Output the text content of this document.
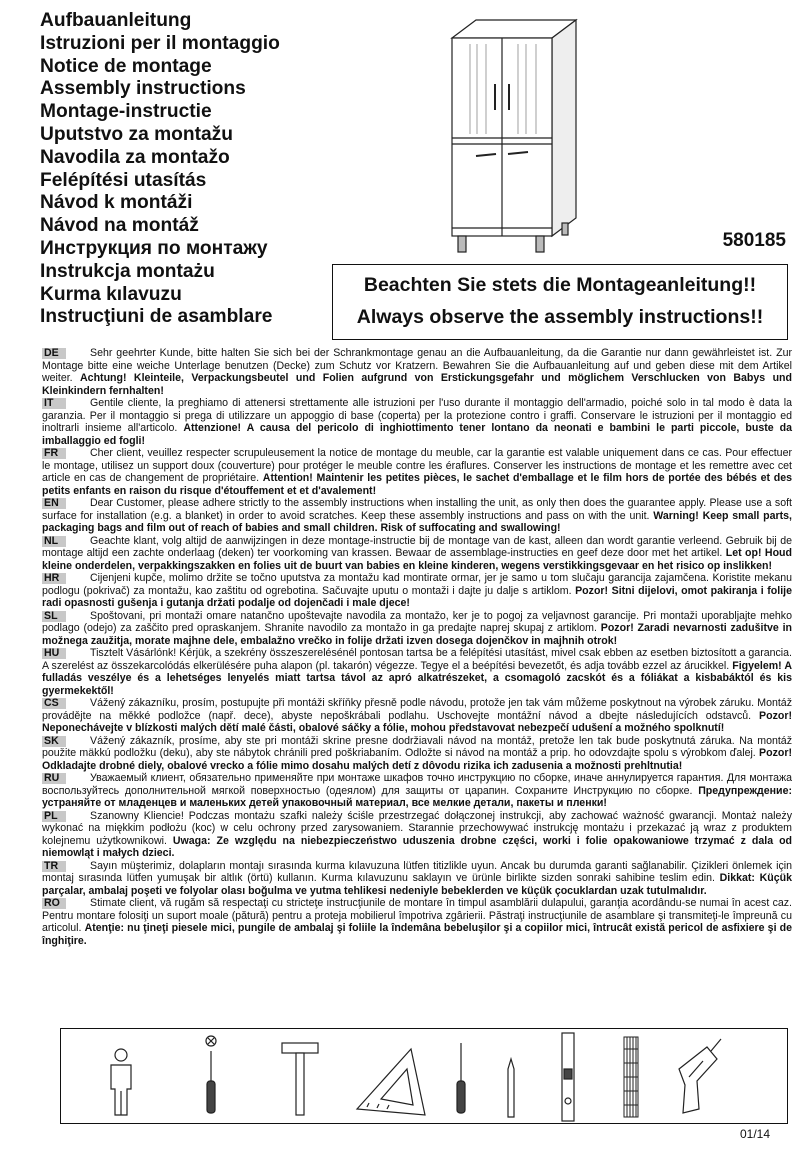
Aufbauanleitung
Istruzioni per il montaggio
Notice de montage
Assembly instructions
Montage-instructie
Uputstvo za montažu
Navodila za montažo
Felépítési utasítás
Návod k montáži
Návod na montáž
Инструкция по монтажу
Instrukcja montażu
Kurma kılavuzu
Instrucţiuni de asamblare
580185
Beachten Sie stets die Montageanleitung!!
Always observe the assembly instructions!!

DE	Sehr geehrter Kunde, bitte halten Sie sich bei der Schrankmontage genau an die Aufbauanleitung, da die Garantie nur dann gewährleistet ist. Zur Montage bitte eine weiche Unterlage benutzen (Decke) zum Schutz vor Kratzern. Bewahren Sie die Aufbauanleitung auf und geben diese mit dem Artikel weiter. Achtung! Kleinteile, Verpackungsbeutel und Folien aufgrund von Erstickungsgefahr und möglichem Verschlucken von Babys und Kleinkindern fernhalten!

IT	Gentile cliente, la preghiamo di attenersi strettamente alle istruzioni per l'uso durante il montaggio dell'armadio, poiché solo in tal modo è data la garanzia. Per il montaggio si prega di utilizzare un appoggio di base (coperta) per la protezione contro i graffi. Conservare le istruzioni per il montaggio ed inoltrarli insieme all'articolo. Attenzione! A causa del pericolo di inghiottimento tener lontano da neonati e bambini le parti piccole, buste da imballaggio ed fogli!

FR	Cher client, veuillez respecter scrupuleusement la notice de montage du meuble, car la garantie est valable uniquement dans ce cas. Pour effectuer le montage, utilisez un support doux (couverture) pour protéger le meuble contre les éraflures. Conserver les instructions de montage et les remettre avec cet article en cas de changement de propriétaire. Attention! Maintenir les petites pièces, le sachet d'emballage et le film hors de portée des bébés et des petits enfants en raison du risque d'étouffement et et d'avalement!

EN	Dear Customer, please adhere strictly to the assembly instructions when installing the unit, as only then does the guarantee apply. Please use a soft surface for installation (e.g. a blanket) in order to avoid scratches. Keep these assembly instructions and pass on with the unit. Warning! Keep small parts, packaging bags and film out of reach of babies and small children. Risk of suffocating and swallowing!

NL	Geachte klant, volg altijd de aanwijzingen in deze montage-instructie bij de montage van de kast, alleen dan wordt garantie verleend. Gebruik bij de montage altijd een zachte onderlaag (deken) ter voorkoming van krassen. Bewaar de assemblage-instructies en geef deze door met het artikel. Let op! Houd kleine onderdelen, verpakkingszakken en folies uit de buurt van babies en kleine kinderen, wegens verstikkingsgevaar en het risico op inslikken!

HR	Cijenjeni kupče, molimo držite se točno uputstva za montažu kad montirate ormar, jer je samo u tom slučaju garancija zajamčena. Koristite mekanu podlogu (pokrivač) za montažu, kao zaštitu od ogrebotina. Sačuvajte uputu o montaži i dajte ju dalje s artiklom. Pozor! Sitni dijelovi, omot pakiranja i folije radi opasnosti gušenja i gutanja držati podalje od dojenčadi i male djece!

SL	Spoštovani, pri montaži omare natančno upoštevajte navodila za montažo, ker je to pogoj za veljavnost garancije. Pri montaži uporabljajte mehko podlago (odejo) za zaščito pred opraskanjem. Shranite navodilo za montažo in ga predajte naprej skupaj z artiklom. Pozor! Zaradi nevarnosti zadušitve in možnega zaužitja, morate majhne dele, embalažno vrečko in folije držati izven dosega dojenčkov in majhnih otrok!

HU	Tisztelt Vásárlónk! Kérjük, a szekrény összeszerelésénél pontosan tartsa be a felépítési utasítást, mivel csak ebben az esetben biztosított a garancia. A szerelést az összekarcolódás elkerülésére puha alapon (pl. takarón) végezze. Tegye el a beépítési bevezetőt, és adja tovább ezzel az árucikkel. Figyelem! A fulladás veszélye és a lehetséges lenyelés miatt tartsa távol az apró alkatrészeket, a csomagoló zacskót és a fóliákat a kisbabáktól és kis gyermekektől!

CS	Vážený zákazníku, prosím, postupujte při montáži skříňky přesně podle návodu, protože jen tak vám můžeme poskytnout na výrobek záruku. Montáž provádějte na měkké podložce (např. dece), abyste nepoškrábali podlahu. Uschovejte montážní návod a dbejte následujících odstavců. Pozor! Neponechávejte v blízkosti malých dětí malé části, obalové sáčky a fólie, mohou představovat nebezpečí udušení a možného spolknutí!

SK	Vážený zákazník, prosíme, aby ste pri montáži skrine presne dodržiavali návod na montáž, pretože len tak bude poskytnutá záruka. Na montáž použite mäkkú podložku (deku), aby ste nábytok chránili pred poškriabaním. Odložte si návod na montáž a prip. ho odovzdajte spolu s výrobkom ďalej. Pozor! Odkladajte drobné diely, obalové vrecko a fólie mimo dosahu malých detí z dôvodu rizika ich zadusenia a možnosti prehltnutia!

RU	Уважаемый клиент, обязательно применяйте при монтаже шкафов точно инструкцию по сборке, иначе аннулируется гарантия. Для монтажа воспользуйтесь дополнительной мягкой поверхностью (одеялом) для защиты от царапин. Сохраните Инструкцию по сборке. Предупреждение: устраняйте от младенцев и маленьких детей упаковочный материал, все мелкие детали, пакеты и пленки!

PL	Szanowny Kliencie! Podczas montażu szafki należy ściśle przestrzegać dołączonej instrukcji, aby zachować ważność gwarancji. Montaż należy wykonać na miękkim podłożu (koc) w celu ochrony przed zarysowaniem. Starannie przechowywać instrukcję montażu i przekazać ją wraz z produktem kolejnemu użytkownikowi. Uwaga: Ze względu na niebezpieczeństwo uduszenia drobne części, worki i folie opakowaniowe trzymać z dala od niemowląt i małych dzieci.

TR	Sayın müşterimiz, dolapların montajı sırasında kurma kılavuzuna lütfen titizlikle uyun. Ancak bu durumda garanti sağlanabilir. Çizikleri önlemek için montaj sırasında lütfen yumuşak bir altlık (örtü) kullanın. Kurma kılavuzunu saklayın ve ürünle birlikte sizden sonraki sahibine teslim edin. Dikkat: Küçük parçalar, ambalaj poşeti ve folyolar olası boğulma ve yutma tehlikesi nedeniyle bebeklerden ve küçük çocuklardan uzak tutulmalıdır.

RO	Stimate client, vă rugăm să respectaţi cu stricteţe instrucţiunile de montare în timpul asamblării dulapului, garanţia acordându-se numai în acest caz. Pentru montare folosiţi un suport moale (pătură) pentru a proteja mobilierul împotriva zgârierii. Păstraţi instrucţiunile de asamblare şi transmiteţi-le împreună cu articolul. Atenţie: nu ţineţi piesele mici, pungile de ambalaj şi foliile la îndemâna bebeluşilor şi a copiilor mici, întrucât există pericol de asfixiere şi de înghiţire.

01/14
